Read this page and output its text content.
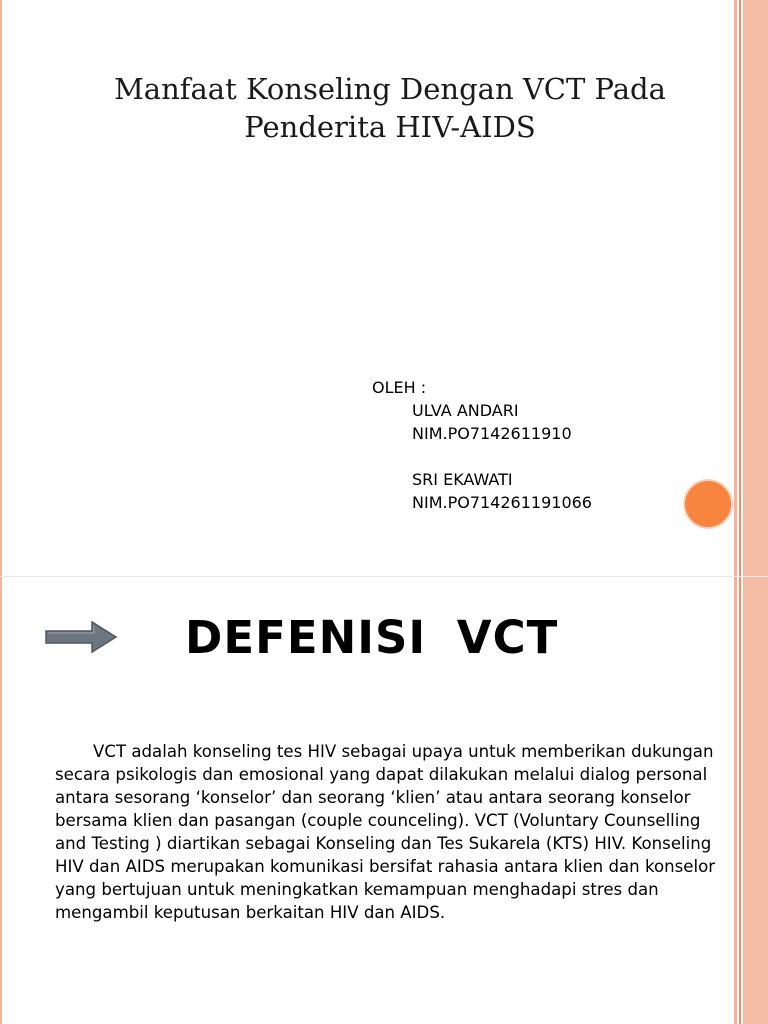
Manfaat Konseling Dengan VCT Pada
Penderita HIV-AIDS
OLEH :
ULVA ANDARI
NIM.PO7142611910
SRI EKAWATI
NIM.PO714261191066
DEFENISI VCT

VCT adalah konseling tes HIV sebagai upaya untuk memberikan dukungan secara psikologis dan emosional yang dapat dilakukan melalui dialog personal antara sesorang ‘konselor’ dan seorang ‘klien’ atau antara seorang konselor bersama klien dan pasangan (couple counceling). VCT (Voluntary Counselling and Testing ) diartikan sebagai Konseling dan Tes Sukarela (KTS) HIV. Konseling HIV dan AIDS merupakan komunikasi bersifat rahasia antara klien dan konselor yang bertujuan untuk meningkatkan kemampuan menghadapi stres dan mengambil keputusan berkaitan HIV dan AIDS.
